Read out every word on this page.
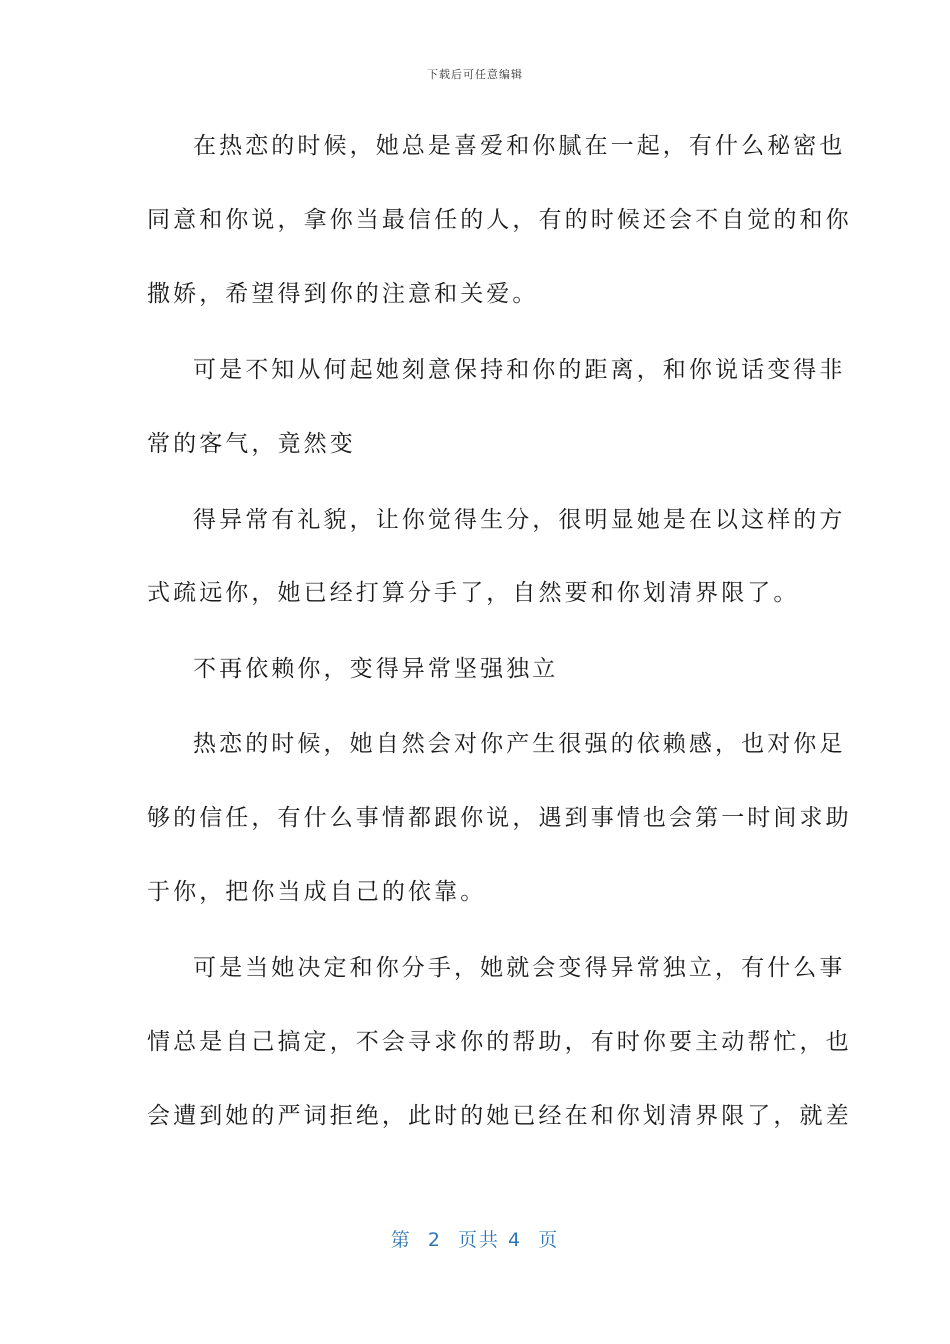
下载后可任意编辑
在热恋的时候，她总是喜爱和你腻在一起，有什么秘密也
同意和你说，拿你当最信任的人，有的时候还会不自觉的和你
撒娇，希望得到你的注意和关爱。
可是不知从何起她刻意保持和你的距离，和你说话变得非
常的客气，竟然变
得异常有礼貌，让你觉得生分，很明显她是在以这样的方
式疏远你，她已经打算分手了，自然要和你划清界限了。
不再依赖你，变得异常坚强独立
热恋的时候，她自然会对你产生很强的依赖感，也对你足
够的信任，有什么事情都跟你说，遇到事情也会第一时间求助
于你，把你当成自己的依靠。
可是当她决定和你分手，她就会变得异常独立，有什么事
情总是自己搞定，不会寻求你的帮助，有时你要主动帮忙，也
会遭到她的严词拒绝，此时的她已经在和你划清界限了，就差
第  2  页共 4  页
